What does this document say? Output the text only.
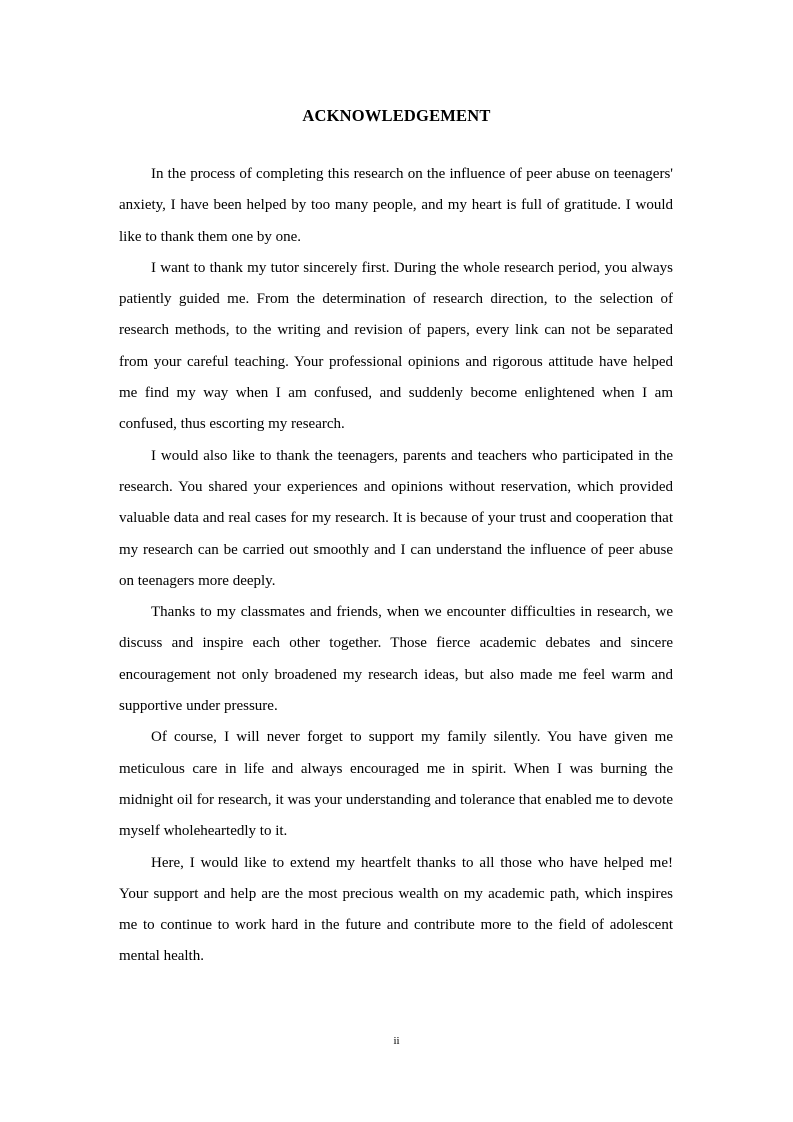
ACKNOWLEDGEMENT

In the process of completing this research on the influence of peer abuse on teenagers' anxiety, I have been helped by too many people, and my heart is full of gratitude. I would like to thank them one by one.

I want to thank my tutor sincerely first. During the whole research period, you always patiently guided me. From the determination of research direction, to the selection of research methods, to the writing and revision of papers, every link can not be separated from your careful teaching. Your professional opinions and rigorous attitude have helped me find my way when I am confused, and suddenly become enlightened when I am confused, thus escorting my research.

I would also like to thank the teenagers, parents and teachers who participated in the research. You shared your experiences and opinions without reservation, which provided valuable data and real cases for my research. It is because of your trust and cooperation that my research can be carried out smoothly and I can understand the influence of peer abuse on teenagers more deeply.

Thanks to my classmates and friends, when we encounter difficulties in research, we discuss and inspire each other together. Those fierce academic debates and sincere encouragement not only broadened my research ideas, but also made me feel warm and supportive under pressure.

Of course, I will never forget to support my family silently. You have given me meticulous care in life and always encouraged me in spirit. When I was burning the midnight oil for research, it was your understanding and tolerance that enabled me to devote myself wholeheartedly to it.

Here, I would like to extend my heartfelt thanks to all those who have helped me! Your support and help are the most precious wealth on my academic path, which inspires me to continue to work hard in the future and contribute more to the field of adolescent mental health.

ii
